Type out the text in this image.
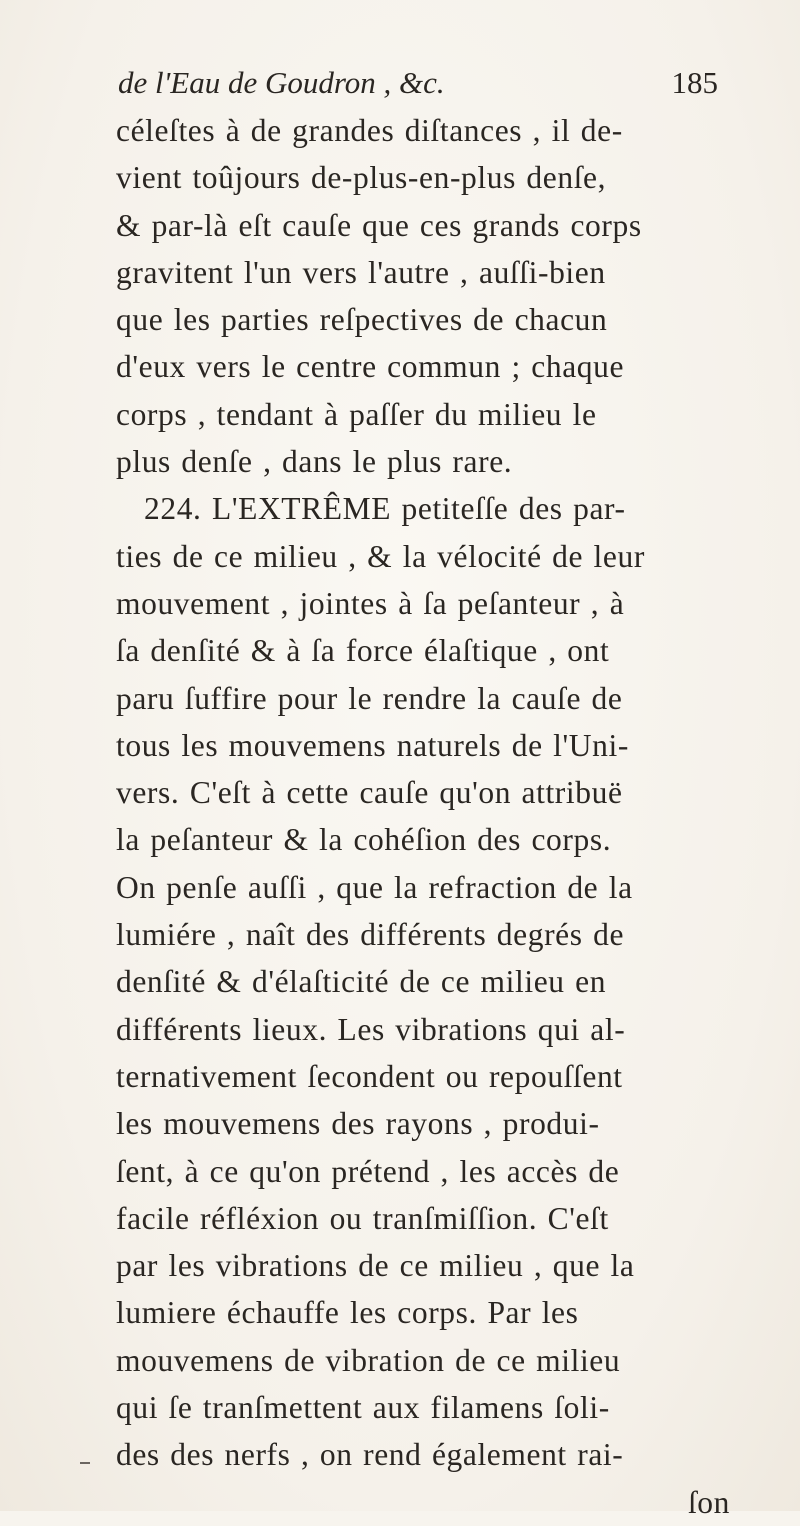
de l'Eau de Goudron , &c.	185
céleſtes à de grandes diſtances , il de-
vient toûjours de-plus-en-plus denſe,
& par-là eſt cauſe que ces grands corps
gravitent l'un vers l'autre , auſſi-bien
que les parties reſpectives de chacun
d'eux vers le centre commun ; chaque
corps , tendant à paſſer du milieu le
plus denſe , dans le plus rare.
224. L'EXTRÊME petiteſſe des par-
ties de ce milieu , & la vélocité de leur
mouvement , jointes à ſa peſanteur , à
ſa denſité & à ſa force élaſtique , ont
paru ſuffire pour le rendre la cauſe de
tous les mouvemens naturels de l'Uni-
vers. C'eſt à cette cauſe qu'on attribuë
la peſanteur & la cohéſion des corps.
On penſe auſſi , que la refraction de la
lumiére , naît des différents degrés de
denſité & d'élaſticité de ce milieu en
différents lieux. Les vibrations qui al-
ternativement ſecondent ou repouſſent
les mouvemens des rayons , produi-
ſent, à ce qu'on prétend , les accès de
facile réfléxion ou tranſmiſſion. C'eſt
par les vibrations de ce milieu , que la
lumiere échauffe les corps. Par les
mouvemens de vibration de ce milieu
qui ſe tranſmettent aux filamens ſoli-
des des nerfs , on rend également rai-
ſon
